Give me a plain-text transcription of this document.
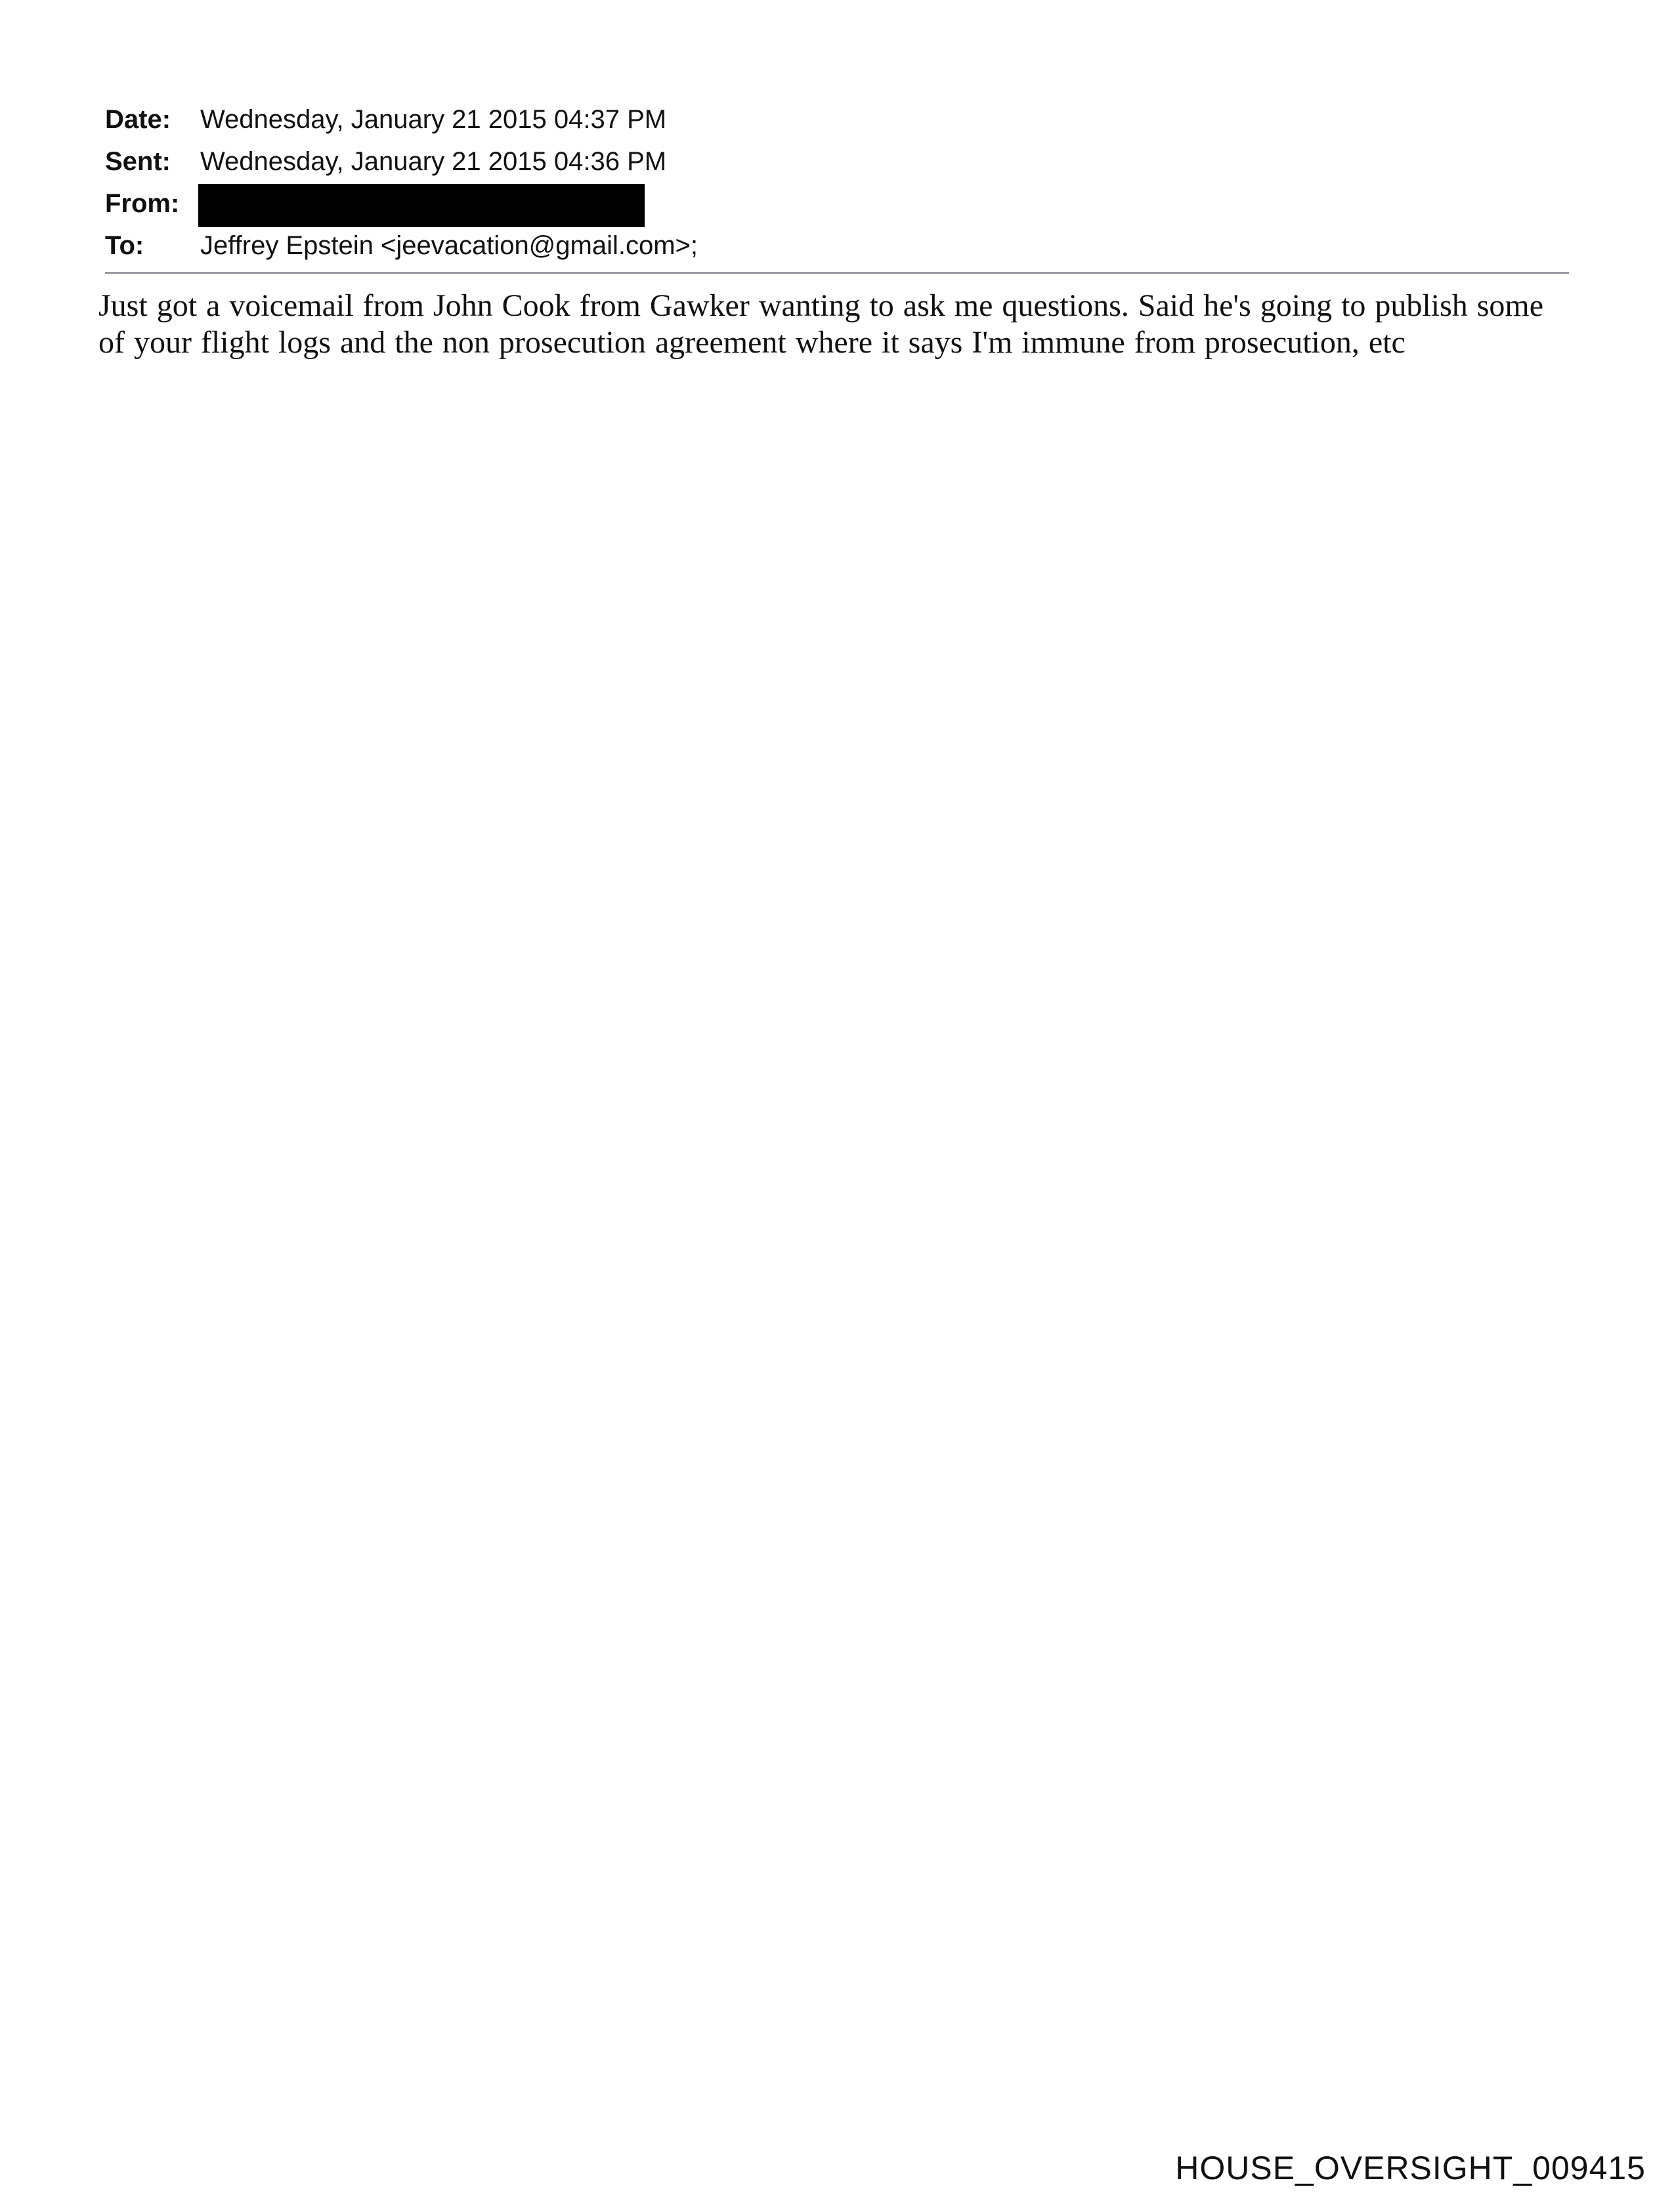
Date: Wednesday, January 21 2015 04:37 PM
Sent: Wednesday, January 21 2015 04:36 PM
From:
To: Jeffrey Epstein <jeevacation@gmail.com>;
Just got a voicemail from John Cook from Gawker wanting to ask me questions. Said he's going to publish some of your flight logs and the non prosecution agreement where it says I'm immune from prosecution, etc
HOUSE_OVERSIGHT_009415
